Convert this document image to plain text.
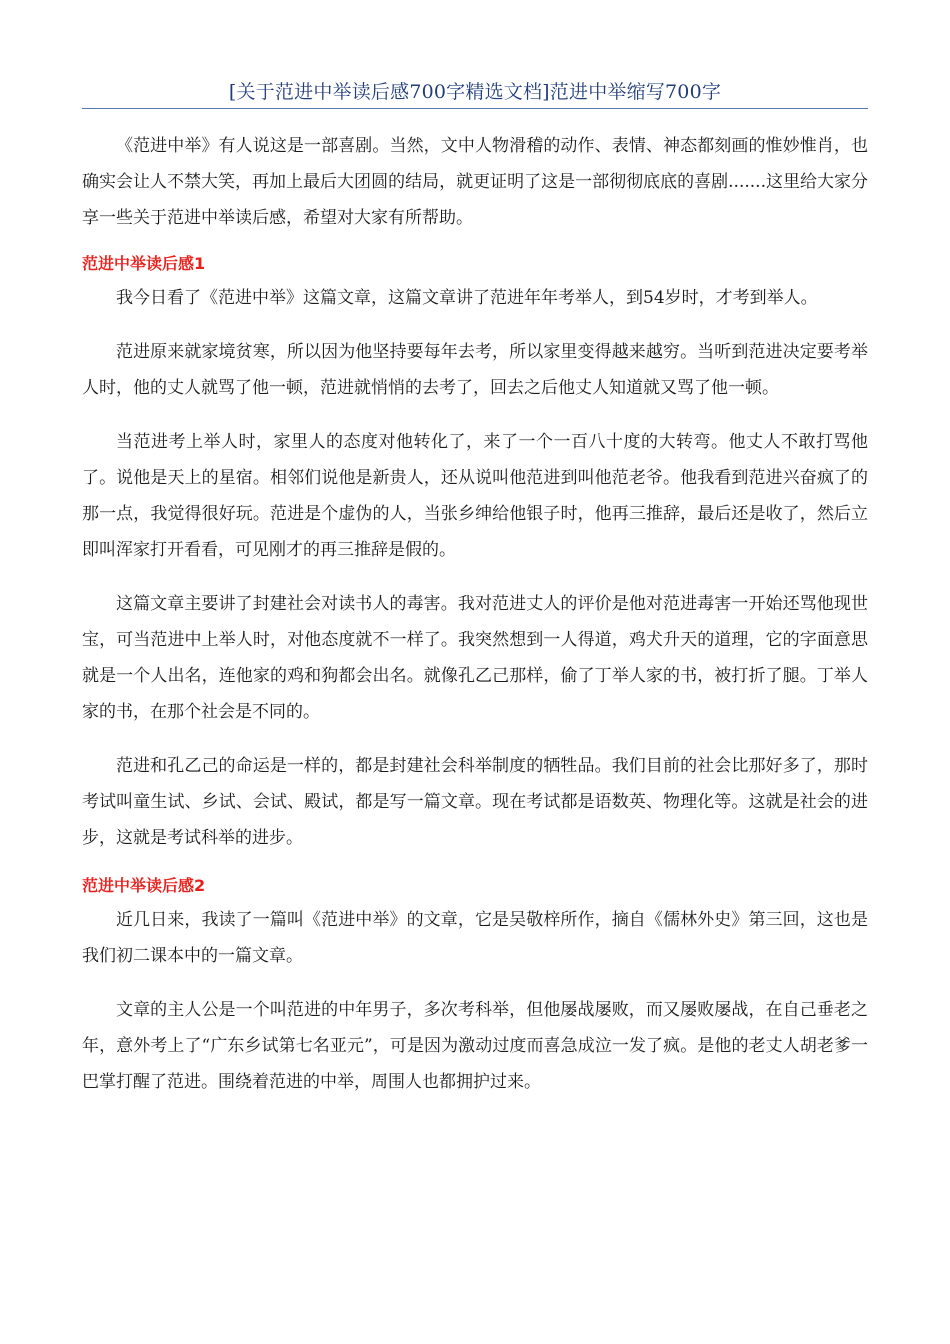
[关于范进中举读后感700字精选文档]范进中举缩写700字

《范进中举》有人说这是一部喜剧。当然，文中人物滑稽的动作、表情、神态都刻画的惟妙惟肖，也确实会让人不禁大笑，再加上最后大团圆的结局，就更证明了这是一部彻彻底底的喜剧.......这里给大家分享一些关于范进中举读后感，希望对大家有所帮助。

范进中举读后感1

我今日看了《范进中举》这篇文章，这篇文章讲了范进年年考举人，到54岁时，才考到举人。

范进原来就家境贫寒，所以因为他坚持要每年去考，所以家里变得越来越穷。当听到范进决定要考举人时，他的丈人就骂了他一顿，范进就悄悄的去考了，回去之后他丈人知道就又骂了他一顿。

当范进考上举人时，家里人的态度对他转化了，来了一个一百八十度的大转弯。他丈人不敢打骂他了。说他是天上的星宿。相邻们说他是新贵人，还从说叫他范进到叫他范老爷。他我看到范进兴奋疯了的那一点，我觉得很好玩。范进是个虚伪的人，当张乡绅给他银子时，他再三推辞，最后还是收了，然后立即叫浑家打开看看，可见刚才的再三推辞是假的。

这篇文章主要讲了封建社会对读书人的毒害。我对范进丈人的评价是他对范进毒害一开始还骂他现世宝，可当范进中上举人时，对他态度就不一样了。我突然想到一人得道，鸡犬升天的道理，它的字面意思就是一个人出名，连他家的鸡和狗都会出名。就像孔乙己那样，偷了丁举人家的书，被打折了腿。丁举人家的书，在那个社会是不同的。

范进和孔乙己的命运是一样的，都是封建社会科举制度的牺牲品。我们目前的社会比那好多了，那时考试叫童生试、乡试、会试、殿试，都是写一篇文章。现在考试都是语数英、物理化等。这就是社会的进步，这就是考试科举的进步。

范进中举读后感2

近几日来，我读了一篇叫《范进中举》的文章，它是吴敬梓所作，摘自《儒林外史》第三回，这也是我们初二课本中的一篇文章。

文章的主人公是一个叫范进的中年男子，多次考科举，但他屡战屡败，而又屡败屡战，在自己垂老之年，意外考上了“广东乡试第七名亚元”，可是因为激动过度而喜急成泣一发了疯。是他的老丈人胡老爹一巴掌打醒了范进。围绕着范进的中举，周围人也都拥护过来。
